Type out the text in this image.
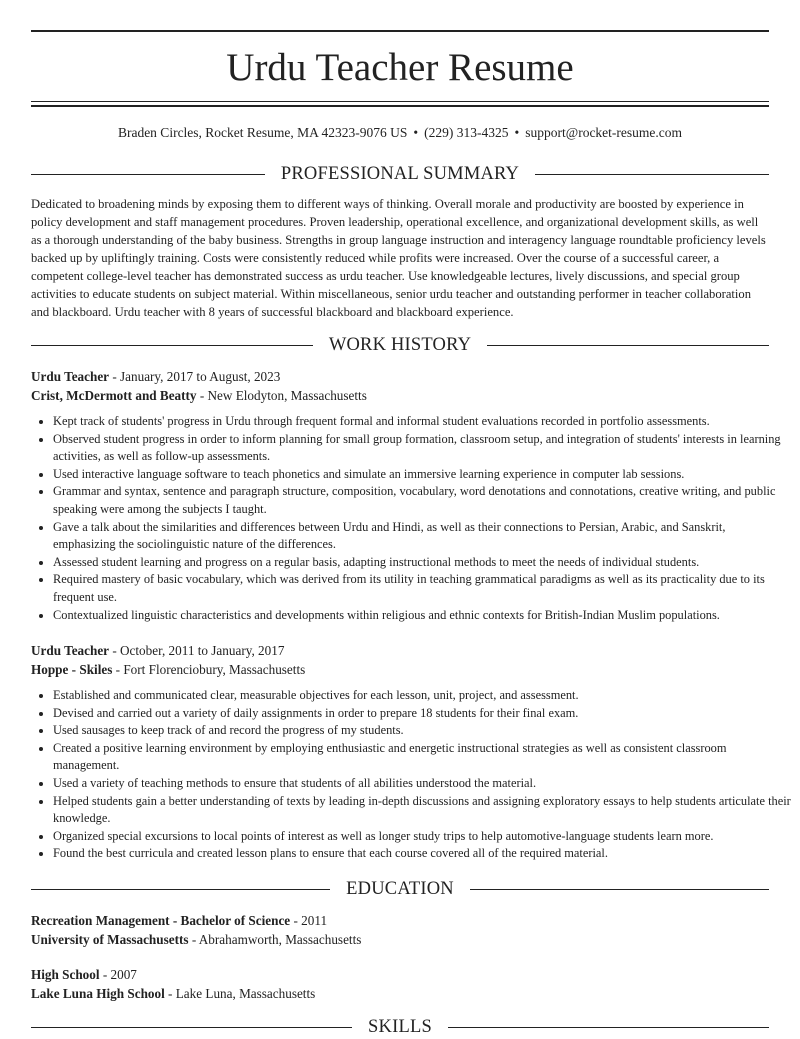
Urdu Teacher Resume
Braden Circles, Rocket Resume, MA 42323-9076 US • (229) 313-4325 • support@rocket-resume.com
PROFESSIONAL SUMMARY

Dedicated to broadening minds by exposing them to different ways of thinking. Overall morale and productivity are boosted by experience in policy development and staff management procedures. Proven leadership, operational excellence, and organizational development skills, as well as a thorough understanding of the baby business. Strengths in group language instruction and interagency language roundtable proficiency levels backed up by upliftingly training. Costs were consistently reduced while profits were increased. Over the course of a successful career, a competent college-level teacher has demonstrated success as urdu teacher. Use knowledgeable lectures, lively discussions, and special group activities to educate students on subject material. Within miscellaneous, senior urdu teacher and outstanding performer in teacher collaboration and blackboard. Urdu teacher with 8 years of successful blackboard and blackboard experience.

WORK HISTORY
Urdu Teacher - January, 2017 to August, 2023
Crist, McDermott and Beatty - New Elodyton, Massachusetts
• Kept track of students' progress in Urdu through frequent formal and informal student evaluations recorded in portfolio assessments.
• Observed student progress in order to inform planning for small group formation, classroom setup, and integration of students' interests in learning activities, as well as follow-up assessments.
• Used interactive language software to teach phonetics and simulate an immersive learning experience in computer lab sessions.
• Grammar and syntax, sentence and paragraph structure, composition, vocabulary, word denotations and connotations, creative writing, and public speaking were among the subjects I taught.
• Gave a talk about the similarities and differences between Urdu and Hindi, as well as their connections to Persian, Arabic, and Sanskrit, emphasizing the sociolinguistic nature of the differences.
• Assessed student learning and progress on a regular basis, adapting instructional methods to meet the needs of individual students.
• Required mastery of basic vocabulary, which was derived from its utility in teaching grammatical paradigms as well as its practicality due to its frequent use.
• Contextualized linguistic characteristics and developments within religious and ethnic contexts for British-Indian Muslim populations.
Urdu Teacher - October, 2011 to January, 2017
Hoppe - Skiles - Fort Florenciobury, Massachusetts
• Established and communicated clear, measurable objectives for each lesson, unit, project, and assessment.
• Devised and carried out a variety of daily assignments in order to prepare 18 students for their final exam.
• Used sausages to keep track of and record the progress of my students.
• Created a positive learning environment by employing enthusiastic and energetic instructional strategies as well as consistent classroom management.
• Used a variety of teaching methods to ensure that students of all abilities understood the material.
• Helped students gain a better understanding of texts by leading in-depth discussions and assigning exploratory essays to help students articulate their knowledge.
• Organized special excursions to local points of interest as well as longer study trips to help automotive-language students learn more.
• Found the best curricula and created lesson plans to ensure that each course covered all of the required material.
EDUCATION
Recreation Management - Bachelor of Science - 2011
University of Massachusetts - Abrahamworth, Massachusetts
High School - 2007
Lake Luna High School - Lake Luna, Massachusetts
SKILLS
